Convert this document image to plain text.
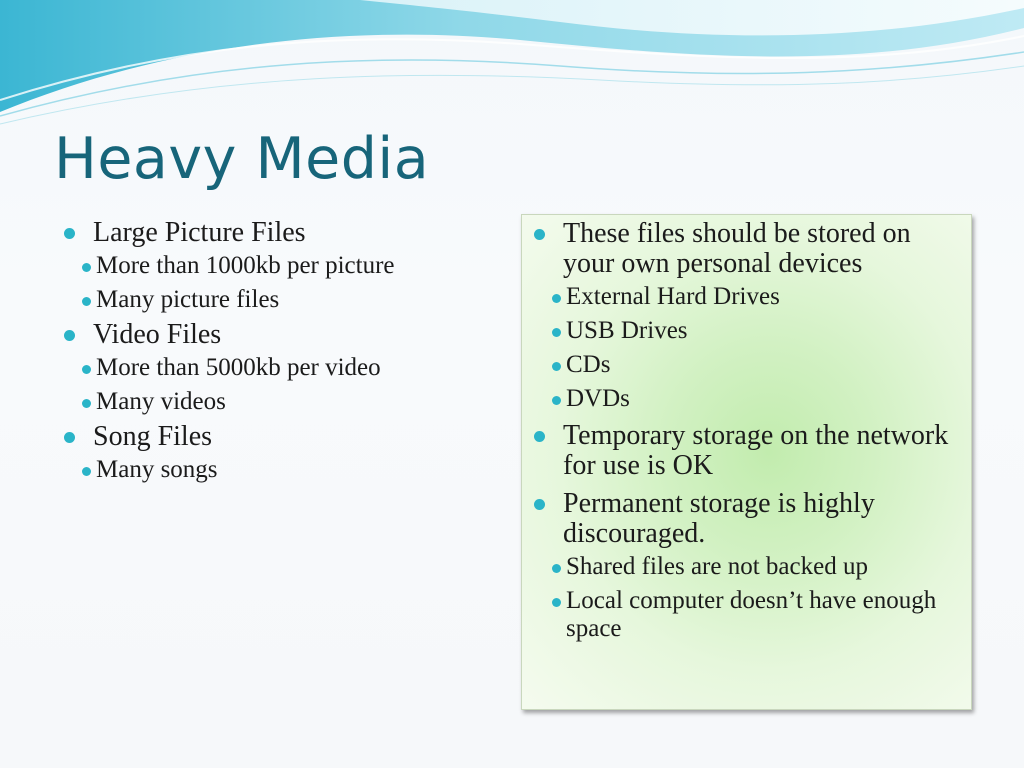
Heavy Media
Large Picture Files
More than 1000kb per picture
Many picture files
Video Files
More than 5000kb per video
Many videos
Song Files
Many songs
These files should be stored on your own personal devices
External Hard Drives
USB Drives
CDs
DVDs
Temporary storage on the network for use is OK
Permanent storage is highly discouraged.
Shared files are not backed up
Local computer doesn’t have enough space
